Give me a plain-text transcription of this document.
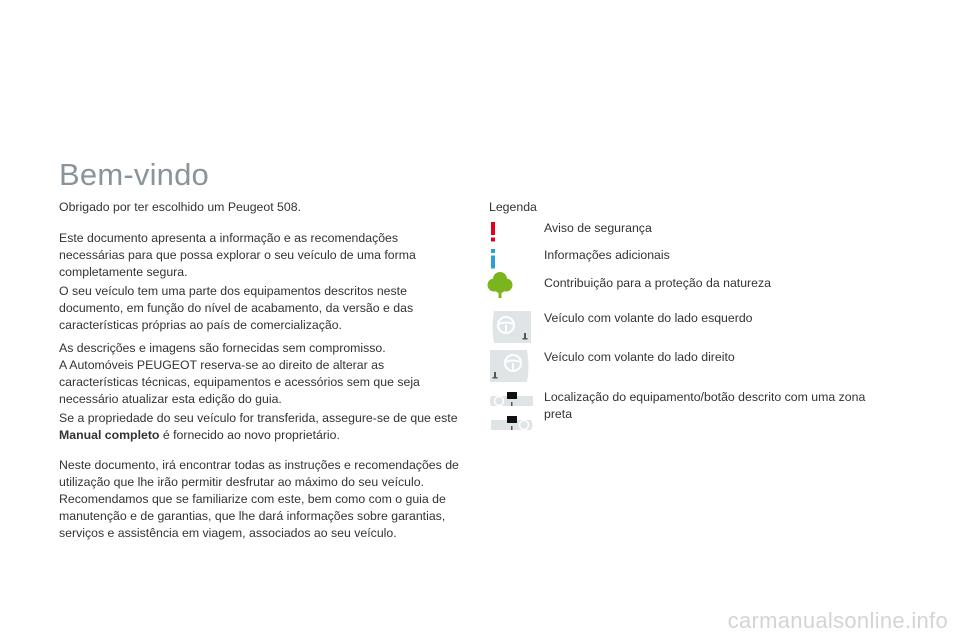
Bem-vindo

Obrigado por ter escolhido um Peugeot 508.

Este documento apresenta a informação e as recomendações necessárias para que possa explorar o seu veículo de uma forma completamente segura.

O seu veículo tem uma parte dos equipamentos descritos neste documento, em função do nível de acabamento, da versão e das características próprias ao país de comercialização.

As descrições e imagens são fornecidas sem compromisso.
A Automóveis PEUGEOT reserva-se ao direito de alterar as características técnicas, equipamentos e acessórios sem que seja necessário atualizar esta edição do guia.

Se a propriedade do seu veículo for transferida, assegure-se de que este Manual completo é fornecido ao novo proprietário.

Neste documento, irá encontrar todas as instruções e recomendações de utilização que lhe irão permitir desfrutar ao máximo do seu veículo. Recomendamos que se familiarize com este, bem como com o guia de manutenção e de garantias, que lhe dará informações sobre garantias, serviços e assistência em viagem, associados ao seu veículo.

Legenda
Aviso de segurança
Informações adicionais
Contribuição para a proteção da natureza
Veículo com volante do lado esquerdo
Veículo com volante do lado direito
Localização do equipamento/botão descrito com uma zona preta
carmanualsonline.info
